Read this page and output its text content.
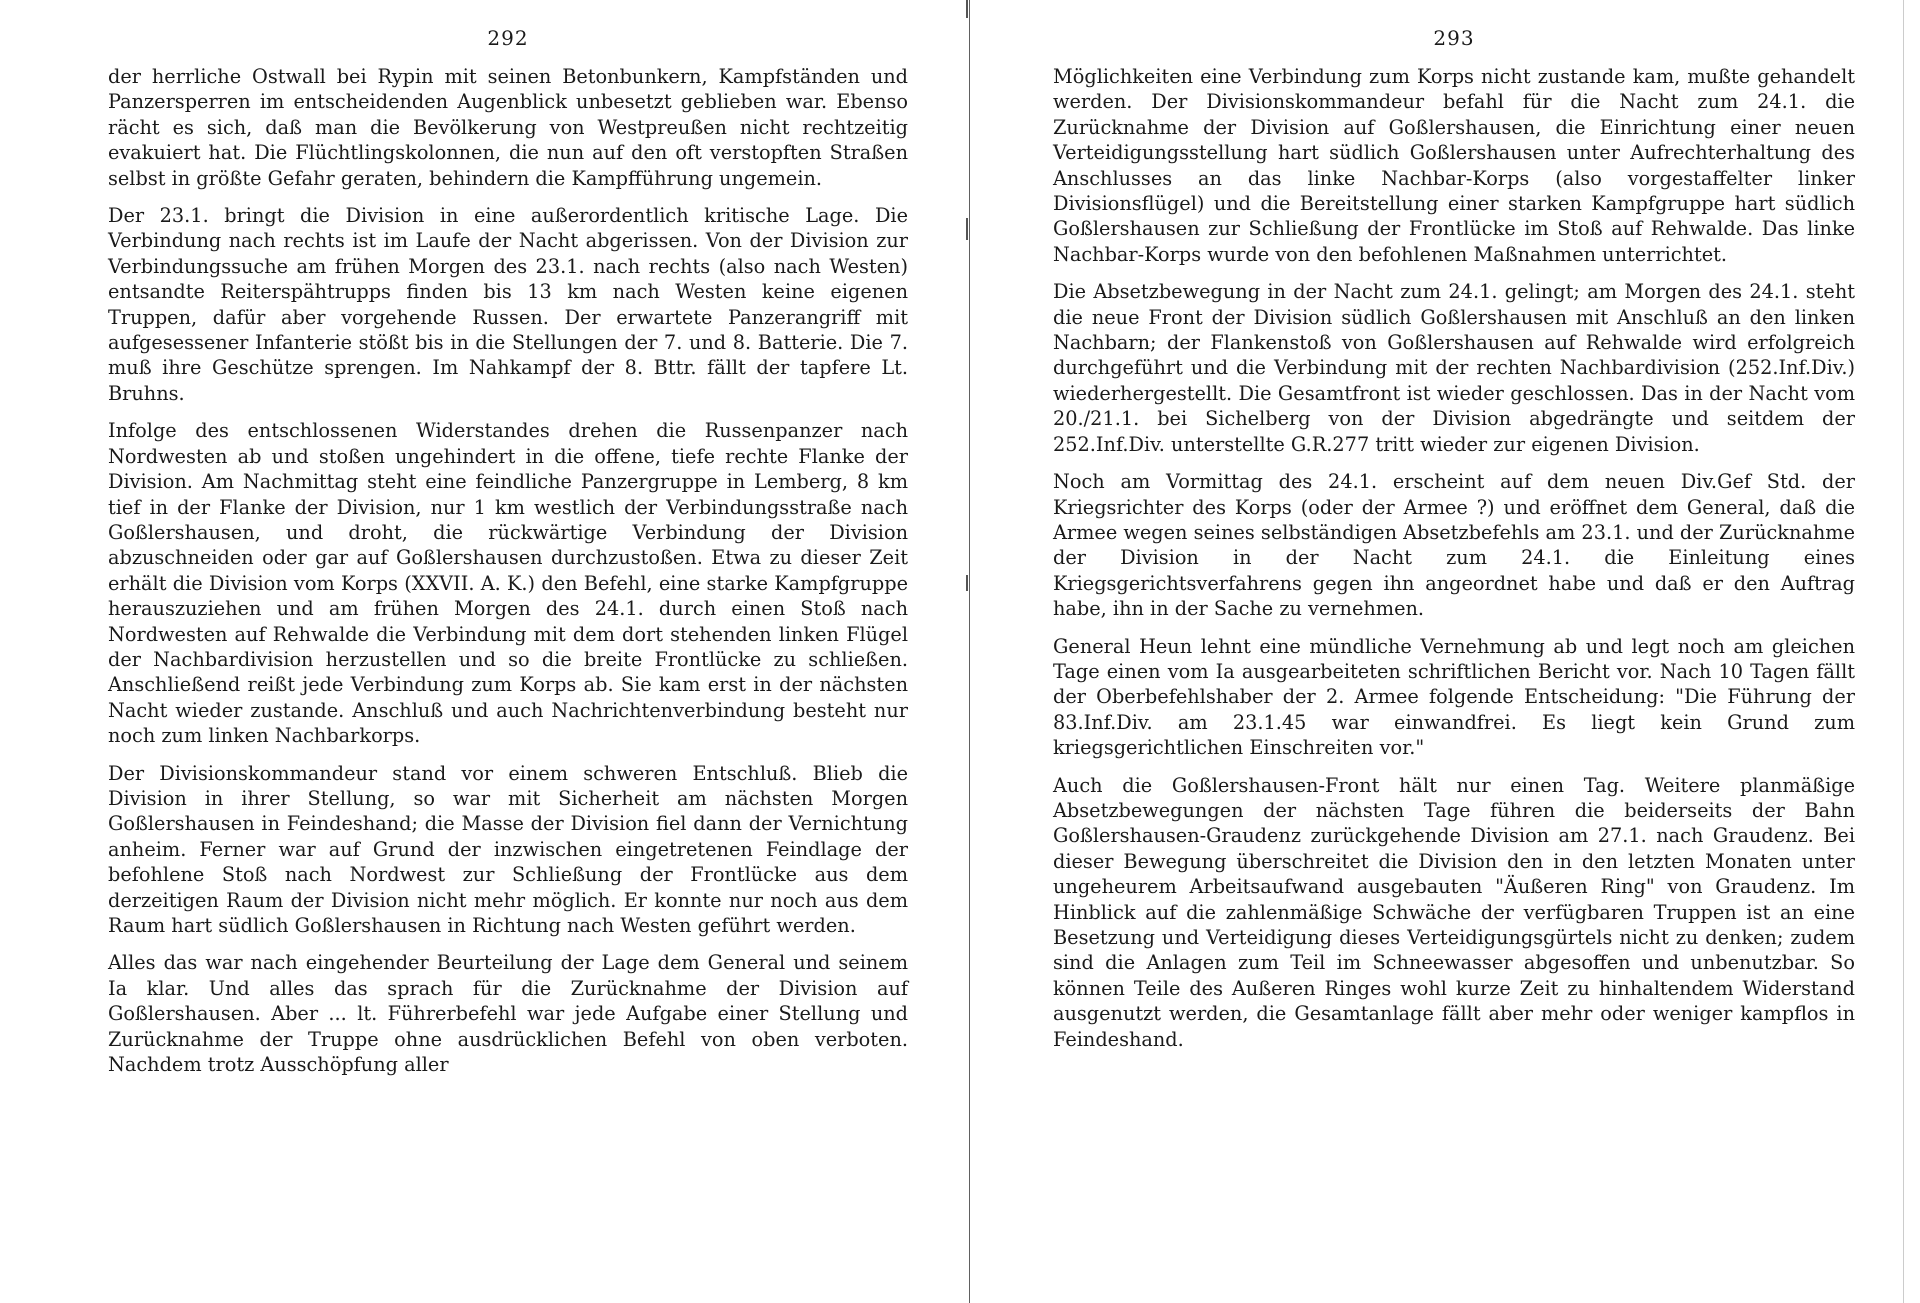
292

der herrliche Ostwall bei Rypin mit seinen Betonbunkern, Kampfständen und Panzersperren im entscheidenden Augenblick unbesetzt geblieben war. Ebenso rächt es sich, daß man die Bevölkerung von Westpreußen nicht rechtzeitig evakuiert hat. Die Flüchtlingskolonnen, die nun auf den oft verstopften Straßen selbst in größte Gefahr geraten, behindern die Kampfführung ungemein.

Der 23.1. bringt die Division in eine außerordentlich kritische Lage. Die Verbindung nach rechts ist im Laufe der Nacht abgerissen. Von der Division zur Verbindungssuche am frühen Morgen des 23.1. nach rechts (also nach Westen) entsandte Reiterspähtrupps finden bis 13 km nach Westen keine eigenen Truppen, dafür aber vorgehende Russen. Der erwartete Panzerangriff mit aufgesessener Infanterie stößt bis in die Stellungen der 7. und 8. Batterie. Die 7. muß ihre Geschütze sprengen. Im Nahkampf der 8. Bttr. fällt der tapfere Lt. Bruhns.

Infolge des entschlossenen Widerstandes drehen die Russenpanzer nach Nordwesten ab und stoßen ungehindert in die offene, tiefe rechte Flanke der Division. Am Nachmittag steht eine feindliche Panzergruppe in Lemberg, 8 km tief in der Flanke der Division, nur 1 km westlich der Verbindungsstraße nach Goßlershausen, und droht, die rückwärtige Verbindung der Division abzuschneiden oder gar auf Goßlershausen durchzustoßen. Etwa zu dieser Zeit erhält die Division vom Korps (XXVII. A. K.) den Befehl, eine starke Kampfgruppe herauszuziehen und am frühen Morgen des 24.1. durch einen Stoß nach Nordwesten auf Rehwalde die Verbindung mit dem dort stehenden linken Flügel der Nachbardivision herzustellen und so die breite Frontlücke zu schließen. Anschließend reißt jede Verbindung zum Korps ab. Sie kam erst in der nächsten Nacht wieder zustande. Anschluß und auch Nachrichtenverbindung besteht nur noch zum linken Nachbarkorps.

Der Divisionskommandeur stand vor einem schweren Entschluß. Blieb die Division in ihrer Stellung, so war mit Sicherheit am nächsten Morgen Goßlershausen in Feindeshand; die Masse der Division fiel dann der Vernichtung anheim. Ferner war auf Grund der inzwischen eingetretenen Feindlage der befohlene Stoß nach Nordwest zur Schließung der Frontlücke aus dem derzeitigen Raum der Division nicht mehr möglich. Er konnte nur noch aus dem Raum hart südlich Goßlershausen in Richtung nach Westen geführt werden.

Alles das war nach eingehender Beurteilung der Lage dem General und seinem Ia klar. Und alles das sprach für die Zurücknahme der Division auf Goßlershausen. Aber ... lt. Führerbefehl war jede Aufgabe einer Stellung und Zurücknahme der Truppe ohne ausdrücklichen Befehl von oben verboten. Nachdem trotz Ausschöpfung aller

293

Möglichkeiten eine Verbindung zum Korps nicht zustande kam, mußte gehandelt werden. Der Divisionskommandeur befahl für die Nacht zum 24.1. die Zurücknahme der Division auf Goßlershausen, die Einrichtung einer neuen Verteidigungsstellung hart südlich Goßlershausen unter Aufrechterhaltung des Anschlusses an das linke Nachbar-Korps (also vorgestaffelter linker Divisionsflügel) und die Bereitstellung einer starken Kampfgruppe hart südlich Goßlershausen zur Schließung der Frontlücke im Stoß auf Rehwalde. Das linke Nachbar-Korps wurde von den befohlenen Maßnahmen unterrichtet.

Die Absetzbewegung in der Nacht zum 24.1. gelingt; am Morgen des 24.1. steht die neue Front der Division südlich Goßlershausen mit Anschluß an den linken Nachbarn; der Flankenstoß von Goßlershausen auf Rehwalde wird erfolgreich durchgeführt und die Verbindung mit der rechten Nachbardivision (252.Inf.Div.) wiederhergestellt. Die Gesamtfront ist wieder geschlossen. Das in der Nacht vom 20./21.1. bei Sichelberg von der Division abgedrängte und seitdem der 252.Inf.Div. unterstellte G.R.277 tritt wieder zur eigenen Division.

Noch am Vormittag des 24.1. erscheint auf dem neuen Div.Gef Std. der Kriegsrichter des Korps (oder der Armee ?) und eröffnet dem General, daß die Armee wegen seines selbständigen Absetzbefehls am 23.1. und der Zurücknahme der Division in der Nacht zum 24.1. die Einleitung eines Kriegsgerichtsverfahrens gegen ihn angeordnet habe und daß er den Auftrag habe, ihn in der Sache zu vernehmen.

General Heun lehnt eine mündliche Vernehmung ab und legt noch am gleichen Tage einen vom Ia ausgearbeiteten schriftlichen Bericht vor. Nach 10 Tagen fällt der Oberbefehlshaber der 2. Armee folgende Entscheidung: "Die Führung der 83.Inf.Div. am 23.1.45 war einwandfrei. Es liegt kein Grund zum kriegsgerichtlichen Einschreiten vor."

Auch die Goßlershausen-Front hält nur einen Tag. Weitere planmäßige Absetzbewegungen der nächsten Tage führen die beiderseits der Bahn Goßlershausen-Graudenz zurückgehende Division am 27.1. nach Graudenz. Bei dieser Bewegung überschreitet die Division den in den letzten Monaten unter ungeheurem Arbeitsaufwand ausgebauten "Äußeren Ring" von Graudenz. Im Hinblick auf die zahlenmäßige Schwäche der verfügbaren Truppen ist an eine Besetzung und Verteidigung dieses Verteidigungsgürtels nicht zu denken; zudem sind die Anlagen zum Teil im Schneewasser abgesoffen und unbenutzbar. So können Teile des Außeren Ringes wohl kurze Zeit zu hinhaltendem Widerstand ausgenutzt werden, die Gesamtanlage fällt aber mehr oder weniger kampflos in Feindeshand.
